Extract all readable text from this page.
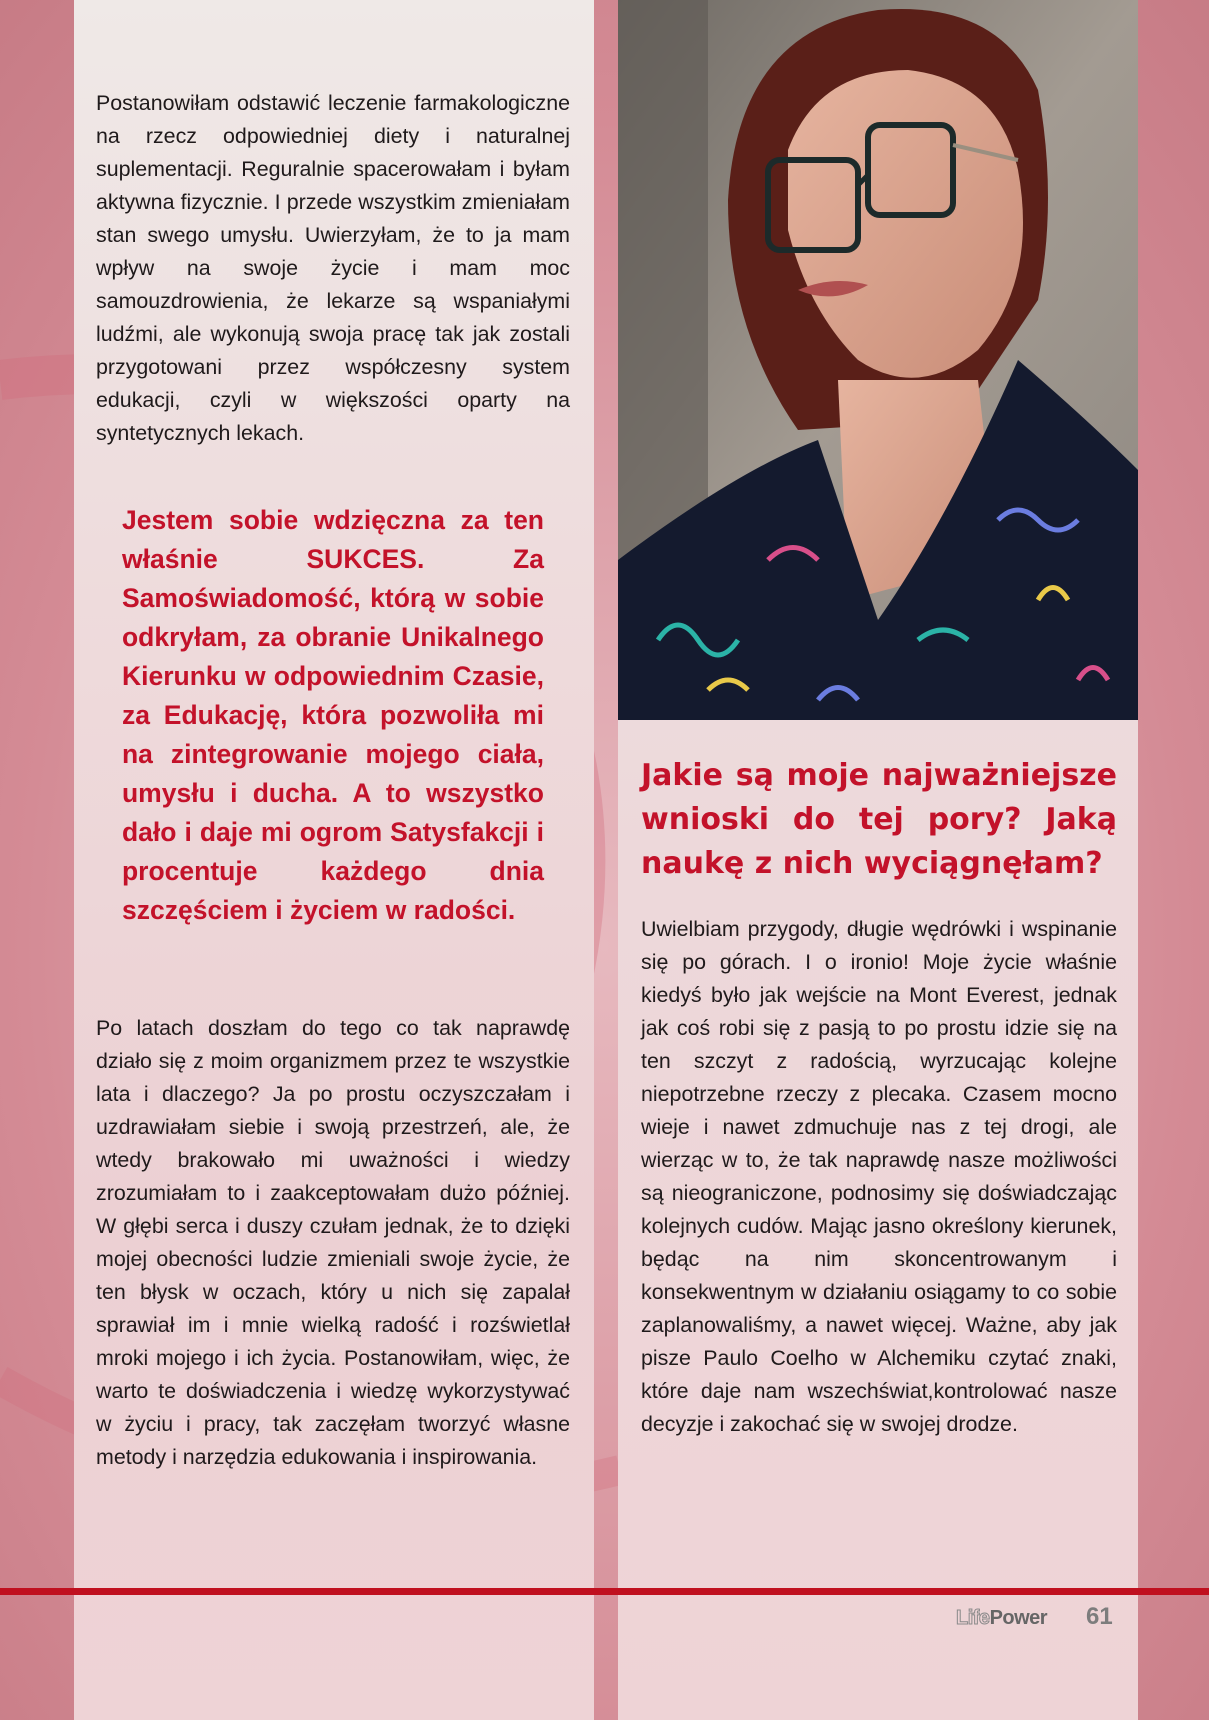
Postanowiłam odstawić leczenie farmakologiczne na rzecz odpowiedniej diety i naturalnej suplementacji. Reguralnie spacerowałam i byłam aktywna fizycznie. I przede wszystkim zmieniałam stan swego umysłu. Uwierzyłam, że to ja mam wpływ na swoje życie i mam moc samouzdrowienia, że lekarze są wspaniałymi ludźmi, ale wykonują swoja pracę tak jak zostali przygotowani przez współczesny system edukacji, czyli w większości oparty na syntetycznych lekach.

Jestem sobie wdzięczna za ten właśnie SUKCES. Za Samoświadomość, którą w sobie odkryłam, za obranie Unikalnego Kierunku w odpowiednim Czasie, za Edukację, która pozwoliła mi na zintegrowanie mojego ciała, umysłu i ducha. A to wszystko dało i daje mi ogrom Satysfakcji i procentuje każdego dnia szczęściem i życiem w radości.

Po latach doszłam do tego co tak naprawdę działo się z moim organizmem przez te wszystkie lata i dlaczego? Ja po prostu oczyszczałam i uzdrawiałam siebie i swoją przestrzeń, ale, że wtedy brakowało mi uważności i wiedzy zrozumiałam to i zaakceptowałam dużo później. W głębi serca i duszy czułam jednak, że to dzięki mojej obecności ludzie zmieniali swoje życie, że ten błysk w oczach, który u nich się zapalał sprawiał im i mnie wielką radość i rozświetlał mroki mojego i ich życia. Postanowiłam, więc, że warto te doświadczenia i wiedzę wykorzystywać w życiu i pracy, tak zaczęłam tworzyć własne metody i narzędzia edukowania i inspirowania.

Jakie są moje najważniejsze wnioski do tej pory? Jaką naukę z nich wyciągnęłam?

Uwielbiam przygody, długie wędrówki i wspinanie się po górach. I o ironio! Moje życie właśnie kiedyś było jak wejście na Mont Everest, jednak jak coś robi się z pasją to po prostu idzie się na ten szczyt z radością, wyrzucając kolejne niepotrzebne rzeczy z plecaka. Czasem mocno wieje i nawet zdmuchuje nas z tej drogi, ale wierząc w to, że tak naprawdę nasze możliwości są nieograniczone, podnosimy się doświadczając kolejnych cudów. Mając jasno określony kierunek, będąc na nim skoncentrowanym i konsekwentnym w działaniu osiągamy to co sobie zaplanowaliśmy, a nawet więcej. Ważne, aby jak pisze Paulo Coelho w Alchemiku czytać znaki, które daje nam wszechświat,kontrolować nasze decyzje i zakochać się w swojej drodze.

LifePower 61
